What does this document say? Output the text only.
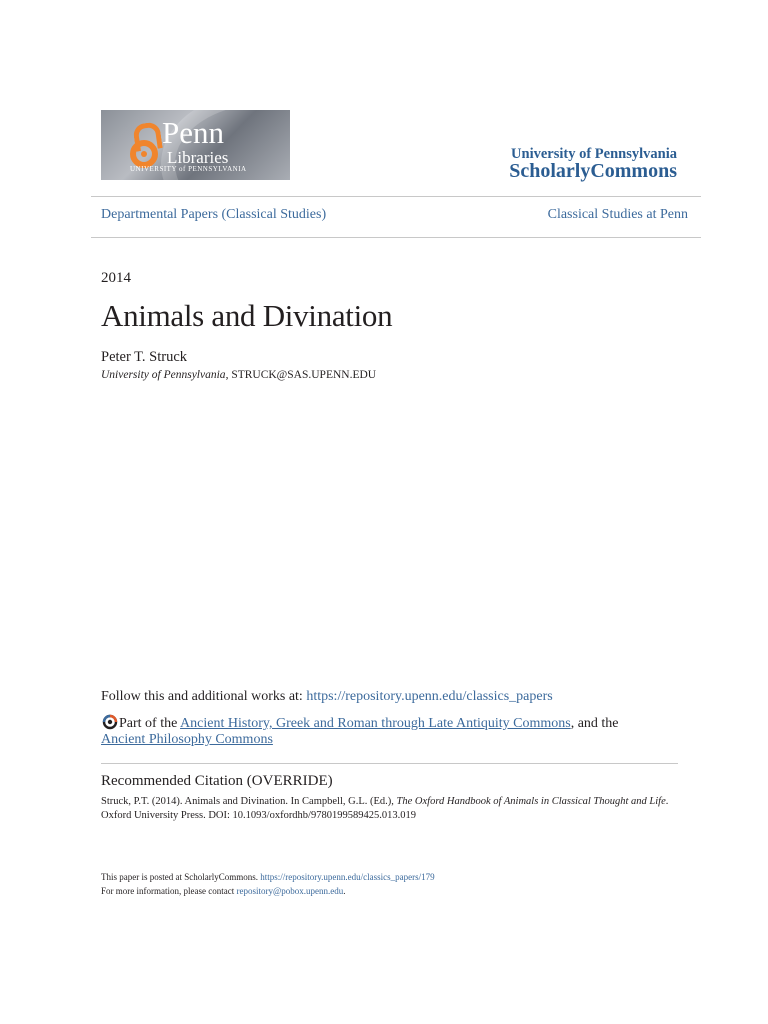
Penn
Libraries
UNIVERSITY of PENNSYLVANIA
University of Pennsylvania
ScholarlyCommons
Departmental Papers (Classical Studies)	Classical Studies at Penn
2014
Animals and Divination
Peter T. Struck
University of Pennsylvania, STRUCK@SAS.UPENN.EDU
Follow this and additional works at: https://repository.upenn.edu/classics_papers
Part of the Ancient History, Greek and Roman through Late Antiquity Commons, and the
Ancient Philosophy Commons
Recommended Citation (OVERRIDE)
Struck, P.T. (2014). Animals and Divination. In Campbell, G.L. (Ed.), The Oxford Handbook of Animals in Classical Thought and Life.
Oxford University Press. DOI: 10.1093/oxfordhb/9780199589425.013.019
This paper is posted at ScholarlyCommons. https://repository.upenn.edu/classics_papers/179
For more information, please contact repository@pobox.upenn.edu.
